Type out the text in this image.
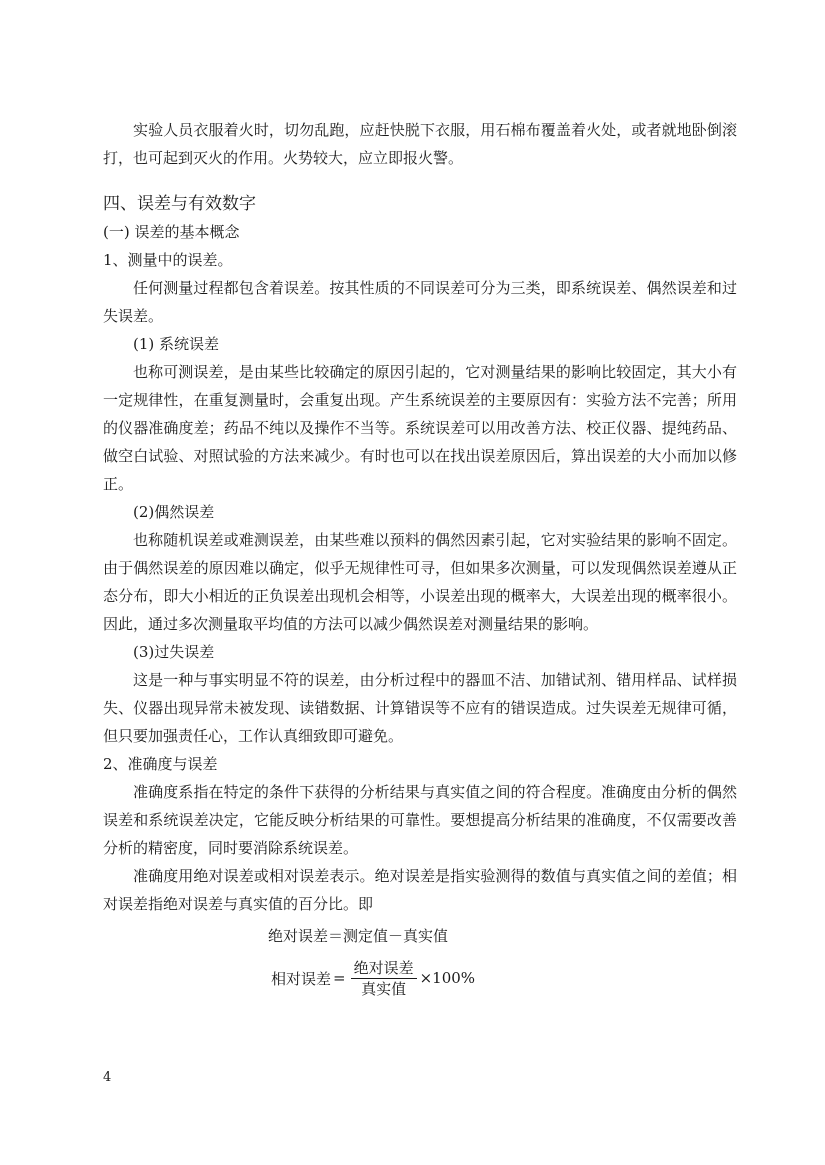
实验人员衣服着火时，切勿乱跑，应赶快脱下衣服，用石棉布覆盖着火处，或者就地卧倒滚打，也可起到灭火的作用。火势较大，应立即报火警。

四、误差与有效数字

(一) 误差的基本概念

1、测量中的误差。

任何测量过程都包含着误差。按其性质的不同误差可分为三类，即系统误差、偶然误差和过失误差。

(1) 系统误差

也称可测误差，是由某些比较确定的原因引起的，它对测量结果的影响比较固定，其大小有一定规律性，在重复测量时，会重复出现。产生系统误差的主要原因有：实验方法不完善；所用的仪器准确度差；药品不纯以及操作不当等。系统误差可以用改善方法、校正仪器、提纯药品、做空白试验、对照试验的方法来减少。有时也可以在找出误差原因后，算出误差的大小而加以修正。

(2)偶然误差

也称随机误差或难测误差，由某些难以预料的偶然因素引起，它对实验结果的影响不固定。由于偶然误差的原因难以确定，似乎无规律性可寻，但如果多次测量，可以发现偶然误差遵从正态分布，即大小相近的正负误差出现机会相等，小误差出现的概率大，大误差出现的概率很小。因此，通过多次测量取平均值的方法可以减少偶然误差对测量结果的影响。

(3)过失误差

这是一种与事实明显不符的误差，由分析过程中的器皿不洁、加错试剂、错用样品、试样损失、仪器出现异常未被发现、读错数据、计算错误等不应有的错误造成。过失误差无规律可循，但只要加强责任心，工作认真细致即可避免。

2、准确度与误差

准确度系指在特定的条件下获得的分析结果与真实值之间的符合程度。准确度由分析的偶然误差和系统误差决定，它能反映分析结果的可靠性。要想提高分析结果的准确度，不仅需要改善分析的精密度，同时要消除系统误差。

准确度用绝对误差或相对误差表示。绝对误差是指实验测得的数值与真实值之间的差值；相对误差指绝对误差与真实值的百分比。即

绝对误差＝测定值－真实值

相对误差 = $\frac{\text{绝对误差}}{\text{真实值}} \times 100\%$
4
